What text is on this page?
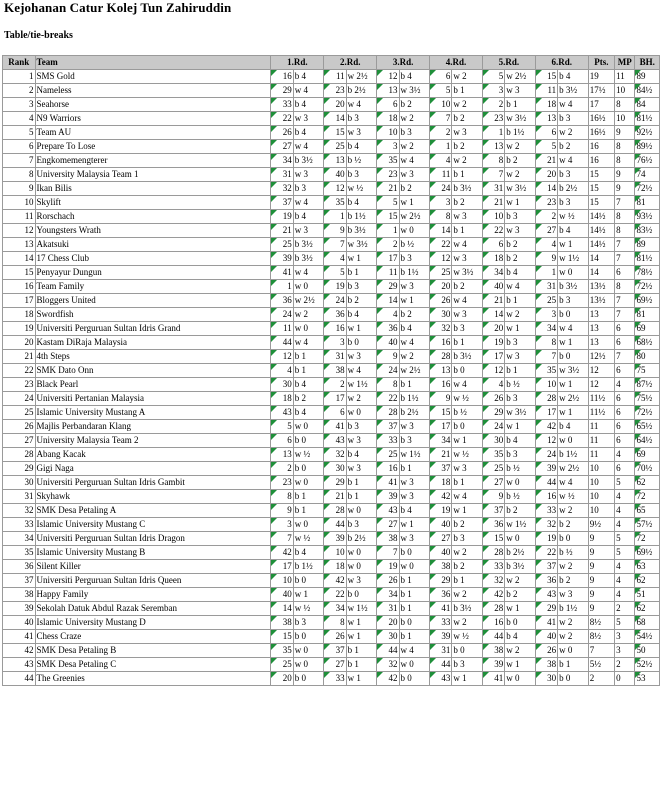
Kejohanan Catur Kolej Tun Zahiruddin
Table/tie-breaks
Rank	Team	1.Rd.		2.Rd.		3.Rd.		4.Rd.		5.Rd.		6.Rd.		Pts.	MP	BH.
1	SMS Gold	16	b 4	11	w 2½	12	b 4	6	w 2	5	w 2½	15	b 4	19	11	89
2	Nameless	29	w 4	23	b 2½	13	w 3½	5	b 1	3	w 3	11	b 3½	17½	10	84½
3	Seahorse	33	b 4	20	w 4	6	b 2	10	w 2	2	b 1	18	w 4	17	8	84
4	N9 Warriors	22	w 3	14	b 3	18	w 2	7	b 2	23	w 3½	13	b 3	16½	10	81½
5	Team AU	26	b 4	15	w 3	10	b 3	2	w 3	1	b 1½	6	w 2	16½	9	92½
6	Prepare To Lose	27	w 4	25	b 4	3	w 2	1	b 2	13	w 2	5	b 2	16	8	89½
7	Engkomemengterer	34	b 3½	13	b ½	35	w 4	4	w 2	8	b 2	21	w 4	16	8	76½
8	University Malaysia Team 1	31	w 3	40	b 3	23	w 3	11	b 1	7	w 2	20	b 3	15	9	74
9	Ikan Bilis	32	b 3	12	w ½	21	b 2	24	b 3½	31	w 3½	14	b 2½	15	9	72½
10	Skylift	37	w 4	35	b 4	5	w 1	3	b 2	21	w 1	23	b 3	15	7	81
11	Rorschach	19	b 4	1	b 1½	15	w 2½	8	w 3	10	b 3	2	w ½	14½	8	93½
12	Youngsters Wrath	21	w 3	9	b 3½	1	w 0	14	b 1	22	w 3	27	b 4	14½	8	83½
13	Akatsuki	25	b 3½	7	w 3½	2	b ½	22	w 4	6	b 2	4	w 1	14½	7	89
14	17 Chess Club	39	b 3½	4	w 1	17	b 3	12	w 3	18	b 2	9	w 1½	14	7	81½
15	Penyayur Dungun	41	w 4	5	b 1	11	b 1½	25	w 3½	34	b 4	1	w 0	14	6	78½
16	Team Family	1	w 0	19	b 3	29	w 3	20	b 2	40	w 4	31	b 3½	13½	8	72½
17	Bloggers United	36	w 2½	24	b 2	14	w 1	26	w 4	21	b 1	25	b 3	13½	7	69½
18	Swordfish	24	w 2	36	b 4	4	b 2	30	w 3	14	w 2	3	b 0	13	7	81
19	Universiti Perguruan Sultan Idris Grand	11	w 0	16	w 1	36	b 4	32	b 3	20	w 1	34	w 4	13	6	69
20	Kastam DiRaja Malaysia	44	w 4	3	b 0	40	w 4	16	b 1	19	b 3	8	w 1	13	6	68½
21	4th Steps	12	b 1	31	w 3	9	w 2	28	b 3½	17	w 3	7	b 0	12½	7	80
22	SMK Dato Onn	4	b 1	38	w 4	24	w 2½	13	b 0	12	b 1	35	w 3½	12	6	75
23	Black Pearl	30	b 4	2	w 1½	8	b 1	16	w 4	4	b ½	10	w 1	12	4	87½
24	Universiti Pertanian Malaysia	18	b 2	17	w 2	22	b 1½	9	w ½	26	b 3	28	w 2½	11½	6	75½
25	Islamic University Mustang A	43	b 4	6	w 0	28	b 2½	15	b ½	29	w 3½	17	w 1	11½	6	72½
26	Majlis Perbandaran Klang	5	w 0	41	b 3	37	w 3	17	b 0	24	w 1	42	b 4	11	6	65½
27	University Malaysia Team 2	6	b 0	43	w 3	33	b 3	34	w 1	30	b 4	12	w 0	11	6	64½
28	Abang Kacak	13	w ½	32	b 4	25	w 1½	21	w ½	35	b 3	24	b 1½	11	4	69
29	Gigi Naga	2	b 0	30	w 3	16	b 1	37	w 3	25	b ½	39	w 2½	10	6	70½
30	Universiti Perguruan Sultan Idris Gambit	23	w 0	29	b 1	41	w 3	18	b 1	27	w 0	44	w 4	10	5	62
31	Skyhawk	8	b 1	21	b 1	39	w 3	42	w 4	9	b ½	16	w ½	10	4	72
32	SMK Desa Petaling A	9	b 1	28	w 0	43	b 4	19	w 1	37	b 2	33	w 2	10	4	65
33	Islamic University Mustang C	3	w 0	44	b 3	27	w 1	40	b 2	36	w 1½	32	b 2	9½	4	57½
34	Universiti Perguruan Sultan Idris Dragon	7	w ½	39	b 2½	38	w 3	27	b 3	15	w 0	19	b 0	9	5	72
35	Islamic University Mustang B	42	b 4	10	w 0	7	b 0	40	w 2	28	b 2½	22	b ½	9	5	69½
36	Silent Killer	17	b 1½	18	w 0	19	w 0	38	b 2	33	b 3½	37	w 2	9	4	63
37	Universiti Perguruan Sultan Idris Queen	10	b 0	42	w 3	26	b 1	29	b 1	32	w 2	36	b 2	9	4	62
38	Happy Family	40	w 1	22	b 0	34	b 1	36	w 2	42	b 2	43	w 3	9	4	51
39	Sekolah Datuk Abdul Razak Seremban	14	w ½	34	w 1½	31	b 1	41	b 3½	28	w 1	29	b 1½	9	2	62
40	Islamic University Mustang D	38	b 3	8	w 1	20	b 0	33	w 2	16	b 0	41	w 2	8½	5	68
41	Chess Craze	15	b 0	26	w 1	30	b 1	39	w ½	44	b 4	40	w 2	8½	3	54½
42	SMK Desa Petaling B	35	w 0	37	b 1	44	w 4	31	b 0	38	w 2	26	w 0	7	3	50
43	SMK Desa Petaling C	25	w 0	27	b 1	32	w 0	44	b 3	39	w 1	38	b 1	5½	2	52½
44	The Greenies	20	b 0	33	w 1	42	b 0	43	w 1	41	w 0	30	b 0	2	0	53
